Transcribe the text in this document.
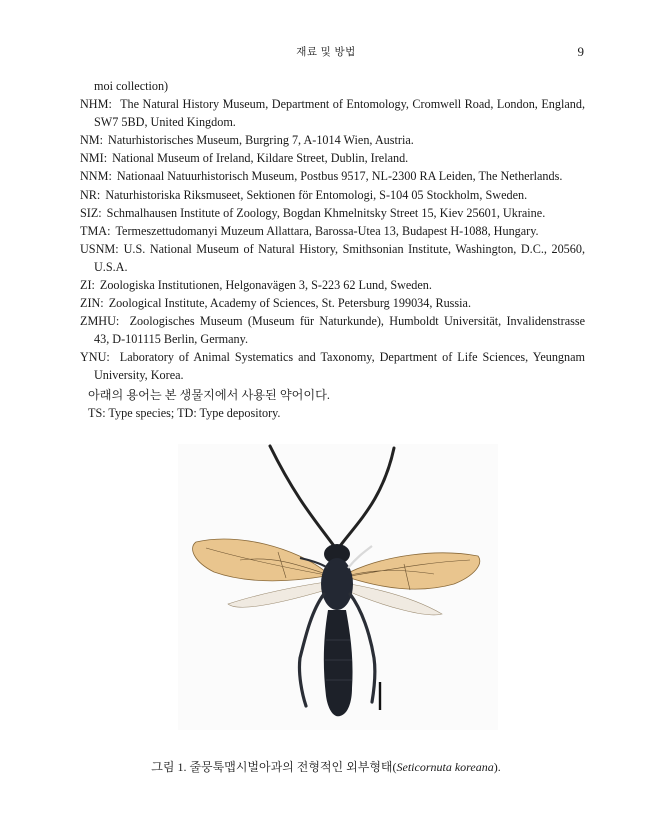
재료 및 방법	9

moi collection)

NHM: The Natural History Museum, Department of Entomology, Cromwell Road, London, England, SW7 5BD, United Kingdom.

NM: Naturhistorisches Museum, Burgring 7, A-1014 Wien, Austria.

NMI: National Museum of Ireland, Kildare Street, Dublin, Ireland.

NNM: Nationaal Natuurhistorisch Museum, Postbus 9517, NL-2300 RA Leiden, The Netherlands.

NR: Naturhistoriska Riksmuseet, Sektionen för Entomologi, S-104 05 Stockholm, Sweden.

SIZ: Schmalhausen Institute of Zoology, Bogdan Khmelnitsky Street 15, Kiev 25601, Ukraine.

TMA: Termeszettudomanyi Muzeum Allattara, Barossa-Utea 13, Budapest H-1088, Hungary.

USNM: U.S. National Museum of Natural History, Smithsonian Institute, Washington, D.C., 20560, U.S.A.

ZI: Zoologiska Institutionen, Helgonavägen 3, S-223 62 Lund, Sweden.

ZIN: Zoological Institute, Academy of Sciences, St. Petersburg 199034, Russia.

ZMHU: Zoologisches Museum (Museum für Naturkunde), Humboldt Universität, Invalidenstrasse 43, D-101115 Berlin, Germany.

YNU: Laboratory of Animal Systematics and Taxonomy, Department of Life Sciences, Yeungnam University, Korea.

아래의 용어는 본 생물지에서 사용된 약어이다.
TS: Type species; TD: Type depository.
그림 1. 줄뭉툭맵시벌아과의 전형적인 외부형태(Seticornuta koreana).
